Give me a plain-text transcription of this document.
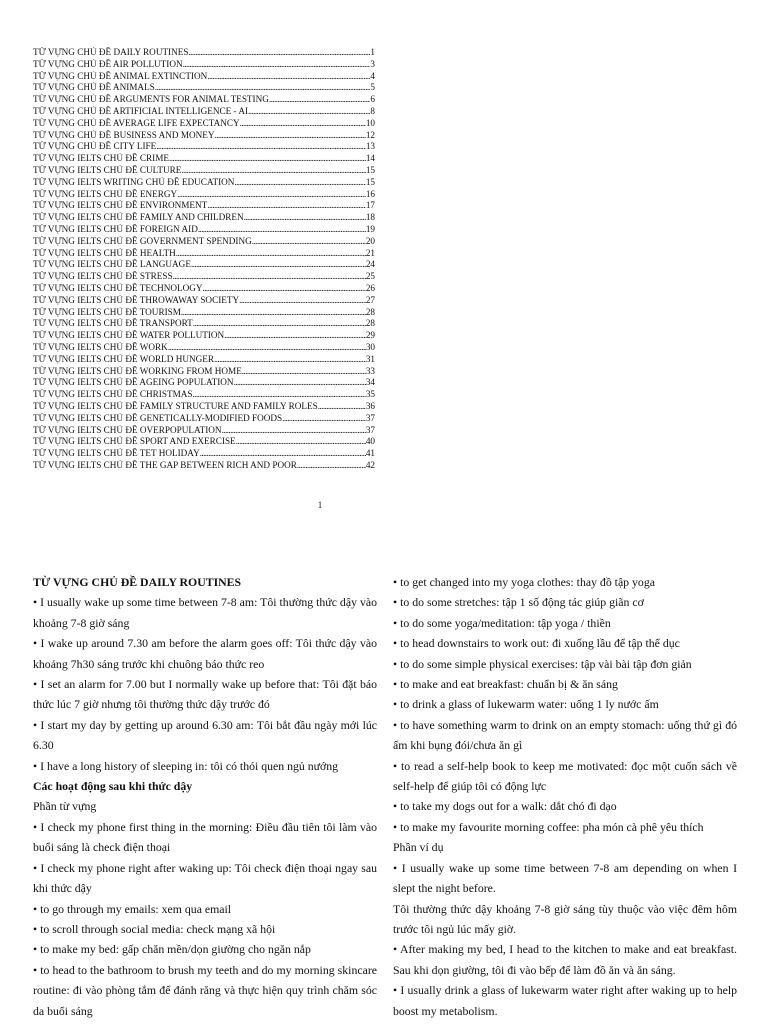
TỪ VỰNG CHỦ ĐỀ DAILY ROUTINES .....	1
TỪ VỰNG CHỦ ĐỀ AIR POLLUTION .....	3
TỪ VỰNG CHỦ ĐỀ ANIMAL EXTINCTION .....	4
TỪ VỰNG CHỦ ĐỀ ANIMALS .....	5
TỪ VỰNG CHỦ ĐỀ ARGUMENTS FOR ANIMAL TESTING .....	6
TỪ VỰNG CHỦ ĐỀ ARTIFICIAL INTELLIGENCE - AI .....	8
TỪ VỰNG CHỦ ĐỀ AVERAGE LIFE EXPECTANCY .....	10
TỪ VỰNG CHỦ ĐỀ BUSINESS AND MONEY .....	12
TỪ VỰNG CHỦ ĐỀ CITY LIFE .....	13
TỪ VỰNG IELTS CHỦ ĐỀ CRIME .....	14
TỪ VỰNG IELTS CHỦ ĐỀ CULTURE .....	15
TỪ VỰNG IELTS WRITING CHỦ ĐỀ EDUCATION .....	15
TỪ VỰNG IELTS CHỦ ĐỀ ENERGY .....	16
TỪ VỰNG IELTS CHỦ ĐỀ ENVIRONMENT .....	17
TỪ VỰNG IELTS CHỦ ĐỀ FAMILY AND CHILDREN .....	18
TỪ VỰNG IELTS CHỦ ĐỀ FOREIGN AID .....	19
TỪ VỰNG IELTS CHỦ ĐỀ GOVERNMENT SPENDING .....	20
TỪ VỰNG IELTS CHỦ ĐỀ HEALTH .....	21
TỪ VỰNG IELTS CHỦ ĐỀ LANGUAGE .....	24
TỪ VỰNG IELTS CHỦ ĐỀ STRESS .....	25
TỪ VỰNG IELTS CHỦ ĐỀ TECHNOLOGY .....	26
TỪ VỰNG IELTS CHỦ ĐỀ THROWAWAY SOCIETY .....	27
TỪ VỰNG IELTS CHỦ ĐỀ TOURISM .....	28
TỪ VỰNG IELTS CHỦ ĐỀ TRANSPORT .....	28
TỪ VỰNG IELTS CHỦ ĐỀ WATER POLLUTION .....	29
TỪ VỰNG IELTS CHỦ ĐỀ WORK .....	30
TỪ VỰNG IELTS CHỦ ĐỀ WORLD HUNGER .....	31
TỪ VỰNG IELTS CHỦ ĐỀ WORKING FROM HOME .....	33
TỪ VỰNG IELTS CHỦ ĐỀ AGEING POPULATION .....	34
TỪ VỰNG IELTS CHỦ ĐỀ CHRISTMAS .....	35
TỪ VỰNG IELTS CHỦ ĐỀ FAMILY STRUCTURE AND FAMILY ROLES .....	36
TỪ VỰNG IELTS CHỦ ĐỀ GENETICALLY-MODIFIED FOODS .....	37
TỪ VỰNG IELTS CHỦ ĐỀ OVERPOPULATION .....	37
TỪ VỰNG IELTS CHỦ ĐỀ SPORT AND EXERCISE .....	40
TỪ VỰNG IELTS CHỦ ĐỀ TET HOLIDAY .....	41
TỪ VỰNG IELTS CHỦ ĐỀ THE GAP BETWEEN RICH AND POOR .....	42
1

TỪ VỰNG CHỦ ĐỀ DAILY ROUTINES

• I usually wake up some time between 7-8 am: Tôi thường thức dậy vào khoảng 7-8 giờ sáng

• I wake up around 7.30 am before the alarm goes off: Tôi thức dậy vào khoảng 7h30 sáng trước khi chuông báo thức reo

• I set an alarm for 7.00 but I normally wake up before that: Tôi đặt báo thức lúc 7 giờ nhưng tôi thường thức dậy trước đó

• I start my day by getting up around 6.30 am: Tôi bắt đầu ngày mới lúc 6.30

• I have a long history of sleeping in: tôi có thói quen ngủ nướng

Các hoạt động sau khi thức dậy

Phần từ vựng

• I check my phone first thing in the morning: Điều đầu tiên tôi làm vào buổi sáng là check điện thoại

• I check my phone right after waking up: Tôi check điện thoại ngay sau khi thức dậy

• to go through my emails: xem qua email

• to scroll through social media: check mạng xã hội

• to make my bed: gấp chăn mền/dọn giường cho ngăn nắp

• to head to the bathroom to brush my teeth and do my morning skincare routine: đi vào phòng tắm để đánh răng và thực hiện quy trình chăm sóc da buổi sáng

• to get changed into my yoga clothes: thay đồ tập yoga

• to do some stretches: tập 1 số động tác giúp giãn cơ

• to do some yoga/meditation: tập yoga / thiền

• to head downstairs to work out: đi xuống lầu để tập thể dục

• to do some simple physical exercises: tập vài bài tập đơn giản

• to make and eat breakfast: chuẩn bị & ăn sáng

• to drink a glass of lukewarm water: uống 1 ly nước ấm

• to have something warm to drink on an empty stomach: uống thứ gì đó ấm khi bụng đói/chưa ăn gì

• to read a self-help book to keep me motivated: đọc một cuốn sách về self-help để giúp tôi có động lực

• to take my dogs out for a walk: dắt chó đi dạo

• to make my favourite morning coffee: pha món cà phê yêu thích

Phần ví dụ

• I usually wake up some time between 7-8 am depending on when I slept the night before.

Tôi thường thức dậy khoảng 7-8 giờ sáng tùy thuộc vào việc đêm hôm trước tôi ngủ lúc mấy giờ.

• After making my bed, I head to the kitchen to make and eat breakfast. Sau khi dọn giường, tôi đi vào bếp để làm đồ ăn và ăn sáng.

• I usually drink a glass of lukewarm water right after waking up to help boost my metabolism.
